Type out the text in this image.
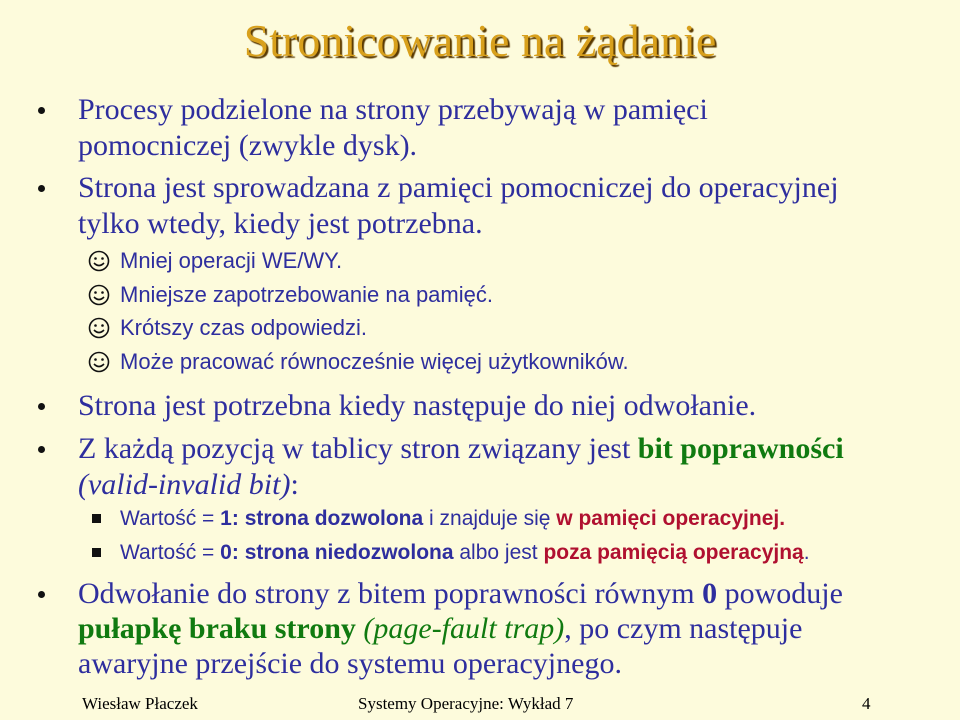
Stronicowanie na żądanie
Procesy podzielone na strony przebywają w pamięci
pomocniczej (zwykle dysk).
Strona jest sprowadzana z pamięci pomocniczej do operacyjnej
tylko wtedy, kiedy jest potrzebna.
Mniej operacji WE/WY.
Mniejsze zapotrzebowanie na pamięć.
Krótszy czas odpowiedzi.
Może pracować równocześnie więcej użytkowników.
Strona jest potrzebna kiedy następuje do niej odwołanie.
Z każdą pozycją w tablicy stron związany jest bit poprawności
(valid-invalid bit):
Wartość = 1: strona dozwolona i znajduje się w pamięci operacyjnej.
Wartość = 0: strona niedozwolona albo jest poza pamięcią operacyjną.
Odwołanie do strony z bitem poprawności równym 0 powoduje
pułapkę braku strony (page-fault trap), po czym następuje
awaryjne przejście do systemu operacyjnego.
Wiesław Płaczek	Systemy Operacyjne: Wykład 7	4
